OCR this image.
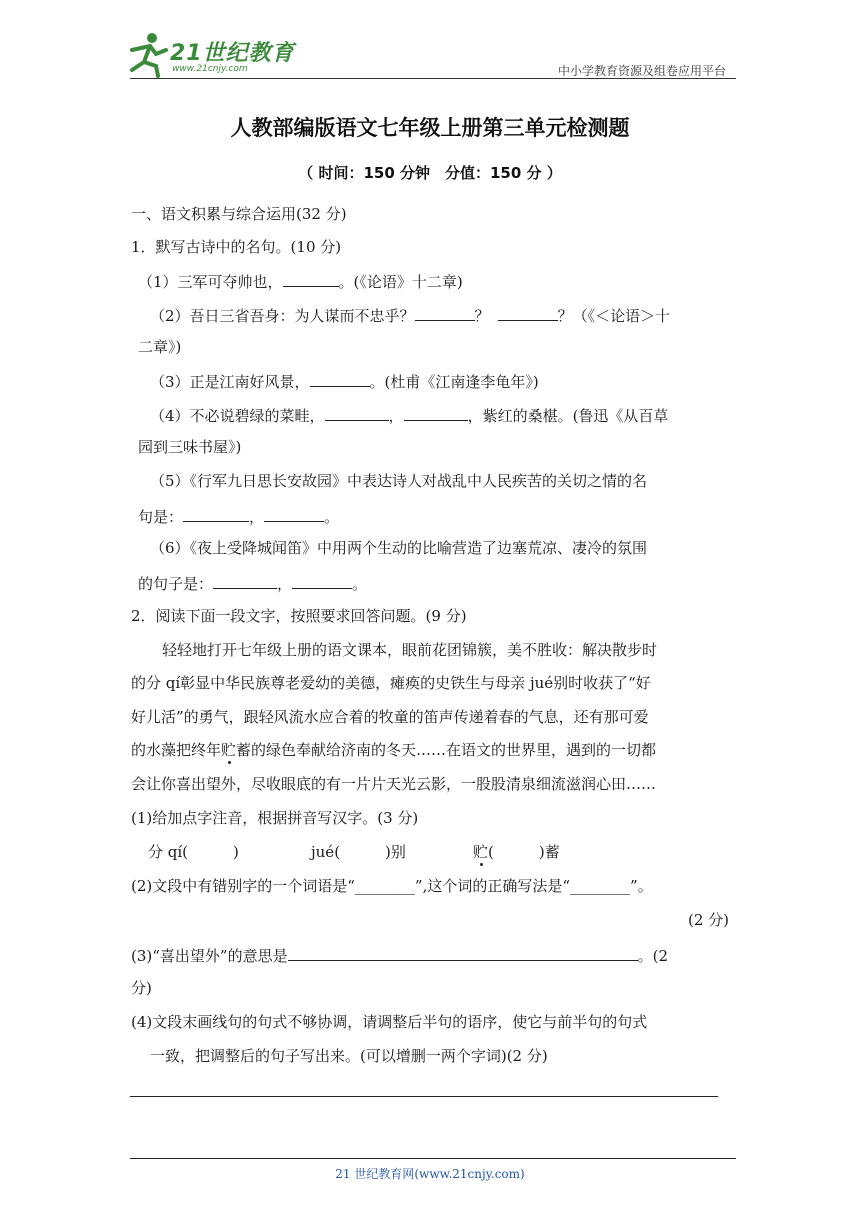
21世纪教育
www.21cnjy.com	中小学教育资源及组卷应用平台
人教部编版语文七年级上册第三单元检测题
（ 时间：150 分钟　分值：150 分 ）
一、语文积累与综合运用(32 分)
1．默写古诗中的名句。(10 分)
（1）三军可夺帅也，	。(《论语》十二章)
（2）吾日三省吾身：为人谋而不忠乎？	？	？（《＜论语＞十
二章》)
（3）正是江南好风景，	。(杜甫《江南逢李龟年》)
（4）不必说碧绿的菜畦，	，	，紫红的桑椹。(鲁迅《从百草
园到三味书屋》)
（5）《行军九日思长安故园》中表达诗人对战乱中人民疾苦的关切之情的名
句是：	，	。
（6）《夜上受降城闻笛》中用两个生动的比喻营造了边塞荒凉、凄冷的氛围
的句子是：	，	。
2．阅读下面一段文字，按照要求回答问题。(9 分)
轻轻地打开七年级上册的语文课本，眼前花团锦簇，美不胜收：解决散步时
的分 qí彰显中华民族尊老爱幼的美德，瘫痪的史铁生与母亲 jué别时收获了“好
好儿活”的勇气，跟轻风流水应合着的牧童的笛声传递着春的气息，还有那可爱
的水藻把终年贮蓄的绿色奉献给济南的冬天……在语文的世界里，遇到的一切都
会让你喜出望外，尽收眼底的有一片片天光云影，一股股清泉细流滋润心田……
(1)给加点字注音，根据拼音写汉字。(3 分)
分 qí(　　　)	jué(　　　)别	贮(　　　)蓄
(2)文段中有错别字的一个词语是“________”,这个词的正确写法是“________”。
(2 分)
(3)“喜出望外”的意思是	。(2
分)
(4)文段末画线句的句式不够协调，请调整后半句的语序，使它与前半句的句式
一致，把调整后的句子写出来。(可以增删一两个字词)(2 分)
21 世纪教育网(www.21cnjy.com)
